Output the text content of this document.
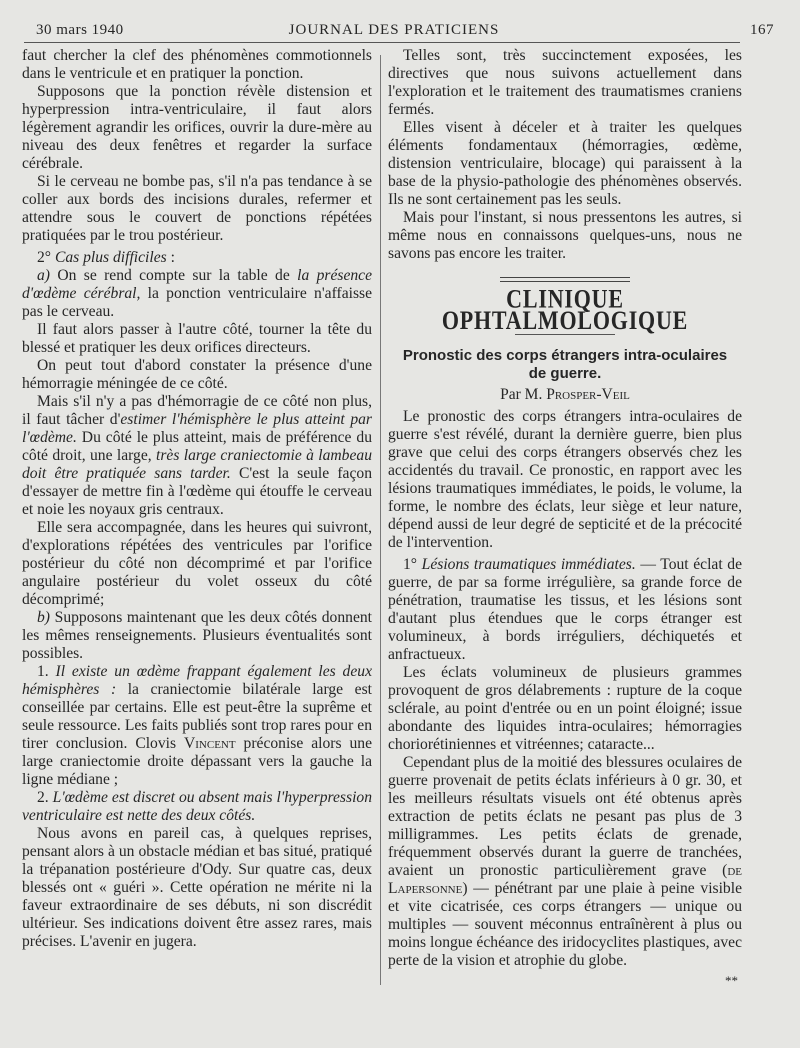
30 mars 1940	JOURNAL DES PRATICIENS	167

faut chercher la clef des phénomènes commotionnels dans le ventricule et en pratiquer la ponction.

Supposons que la ponction révèle distension et hyperpression intra-ventriculaire, il faut alors légèrement agrandir les orifices, ouvrir la dure-mère au niveau des deux fenêtres et regarder la surface cérébrale.

Si le cerveau ne bombe pas, s'il n'a pas tendance à se coller aux bords des incisions durales, refermer et attendre sous le couvert de ponctions répétées pratiquées par le trou postérieur.

2° Cas plus difficiles :

a) On se rend compte sur la table de la présence d'œdème cérébral, la ponction ventriculaire n'affaisse pas le cerveau.

Il faut alors passer à l'autre côté, tourner la tête du blessé et pratiquer les deux orifices directeurs.

On peut tout d'abord constater la présence d'une hémorragie méningée de ce côté.

Mais s'il n'y a pas d'hémorragie de ce côté non plus, il faut tâcher d'estimer l'hémisphère le plus atteint par l'œdème. Du côté le plus atteint, mais de préférence du côté droit, une large, très large craniectomie à lambeau doit être pratiquée sans tarder. C'est la seule façon d'essayer de mettre fin à l'œdème qui étouffe le cerveau et noie les noyaux gris centraux.

Elle sera accompagnée, dans les heures qui suivront, d'explorations répétées des ventricules par l'orifice postérieur du côté non décomprimé et par l'orifice angulaire postérieur du volet osseux du côté décomprimé;

b) Supposons maintenant que les deux côtés donnent les mêmes renseignements. Plusieurs éventualités sont possibles.

1. Il existe un œdème frappant également les deux hémisphères : la craniectomie bilatérale large est conseillée par certains. Elle est peut-être la suprême et seule ressource. Les faits publiés sont trop rares pour en tirer conclusion. Clovis Vincent préconise alors une large craniectomie droite dépassant vers la gauche la ligne médiane ;

2. L'œdème est discret ou absent mais l'hyperpression ventriculaire est nette des deux côtés.

Nous avons en pareil cas, à quelques reprises, pensant alors à un obstacle médian et bas situé, pratiqué la trépanation postérieure d'Ody. Sur quatre cas, deux blessés ont « guéri ». Cette opération ne mérite ni la faveur extraordinaire de ses débuts, ni son discrédit ultérieur. Ses indications doivent être assez rares, mais précises. L'avenir en jugera.

Telles sont, très succinctement exposées, les directives que nous suivons actuellement dans l'exploration et le traitement des traumatismes craniens fermés.

Elles visent à déceler et à traiter les quelques éléments fondamentaux (hémorragies, œdème, distension ventriculaire, blocage) qui paraissent à la base de la physio-pathologie des phénomènes observés. Ils ne sont certainement pas les seuls.

Mais pour l'instant, si nous pressentons les autres, si même nous en connaissons quelques-uns, nous ne savons pas encore les traiter.

CLINIQUE OPHTALMOLOGIQUE
Pronostic des corps étrangers intra-oculaires de guerre.
Par M. Prosper-Veil

Le pronostic des corps étrangers intra-oculaires de guerre s'est révélé, durant la dernière guerre, bien plus grave que celui des corps étrangers observés chez les accidentés du travail. Ce pronostic, en rapport avec les lésions traumatiques immédiates, le poids, le volume, la forme, le nombre des éclats, leur siège et leur nature, dépend aussi de leur degré de septicité et de la précocité de l'intervention.

1° Lésions traumatiques immédiates. — Tout éclat de guerre, de par sa forme irrégulière, sa grande force de pénétration, traumatise les tissus, et les lésions sont d'autant plus étendues que le corps étranger est volumineux, à bords irréguliers, déchiquetés et anfractueux.

Les éclats volumineux de plusieurs grammes provoquent de gros délabrements : rupture de la coque sclérale, au point d'entrée ou en un point éloigné; issue abondante des liquides intra-oculaires; hémorragies choriorétiniennes et vitréennes; cataracte...

Cependant plus de la moitié des blessures oculaires de guerre provenait de petits éclats inférieurs à 0 gr. 30, et les meilleurs résultats visuels ont été obtenus après extraction de petits éclats ne pesant pas plus de 3 milligrammes. Les petits éclats de grenade, fréquemment observés durant la guerre de tranchées, avaient un pronostic particulièrement grave (de Lapersonne) — pénétrant par une plaie à peine visible et vite cicatrisée, ces corps étrangers — unique ou multiples — souvent méconnus entraînèrent à plus ou moins longue échéance des iridocyclites plastiques, avec perte de la vision et atrophie du globe.

**
